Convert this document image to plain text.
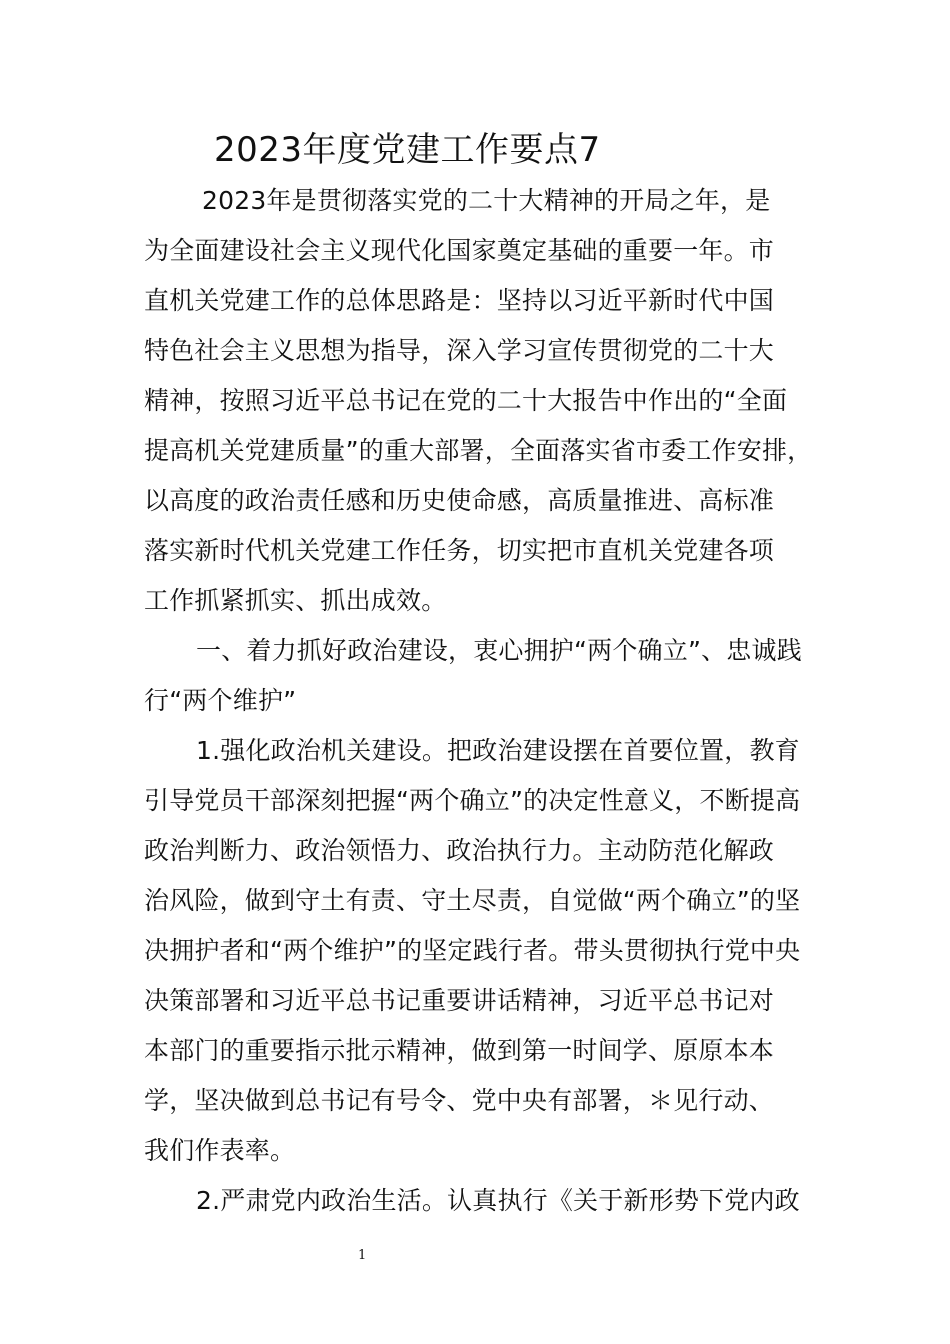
2023年度党建工作要点7
2023年是贯彻落实党的二十大精神的开局之年，是
为全面建设社会主义现代化国家奠定基础的重要一年。市
直机关党建工作的总体思路是：坚持以习近平新时代中国
特色社会主义思想为指导，深入学习宣传贯彻党的二十大
精神，按照习近平总书记在党的二十大报告中作出的“全面
提高机关党建质量”的重大部署，全面落实省市委工作安排，
以高度的政治责任感和历史使命感，高质量推进、高标准
落实新时代机关党建工作任务，切实把市直机关党建各项
工作抓紧抓实、抓出成效。
一、着力抓好政治建设，衷心拥护“两个确立”、忠诚践
行“两个维护”
1.强化政治机关建设。把政治建设摆在首要位置，教育
引导党员干部深刻把握“两个确立”的决定性意义，不断提高
政治判断力、政治领悟力、政治执行力。主动防范化解政
治风险，做到守土有责、守土尽责，自觉做“两个确立”的坚
决拥护者和“两个维护”的坚定践行者。带头贯彻执行党中央
决策部署和习近平总书记重要讲话精神，习近平总书记对
本部门的重要指示批示精神，做到第一时间学、原原本本
学，坚决做到总书记有号令、党中央有部署，＊见行动、
我们作表率。
2.严肃党内政治生活。认真执行《关于新形势下党内政
1
